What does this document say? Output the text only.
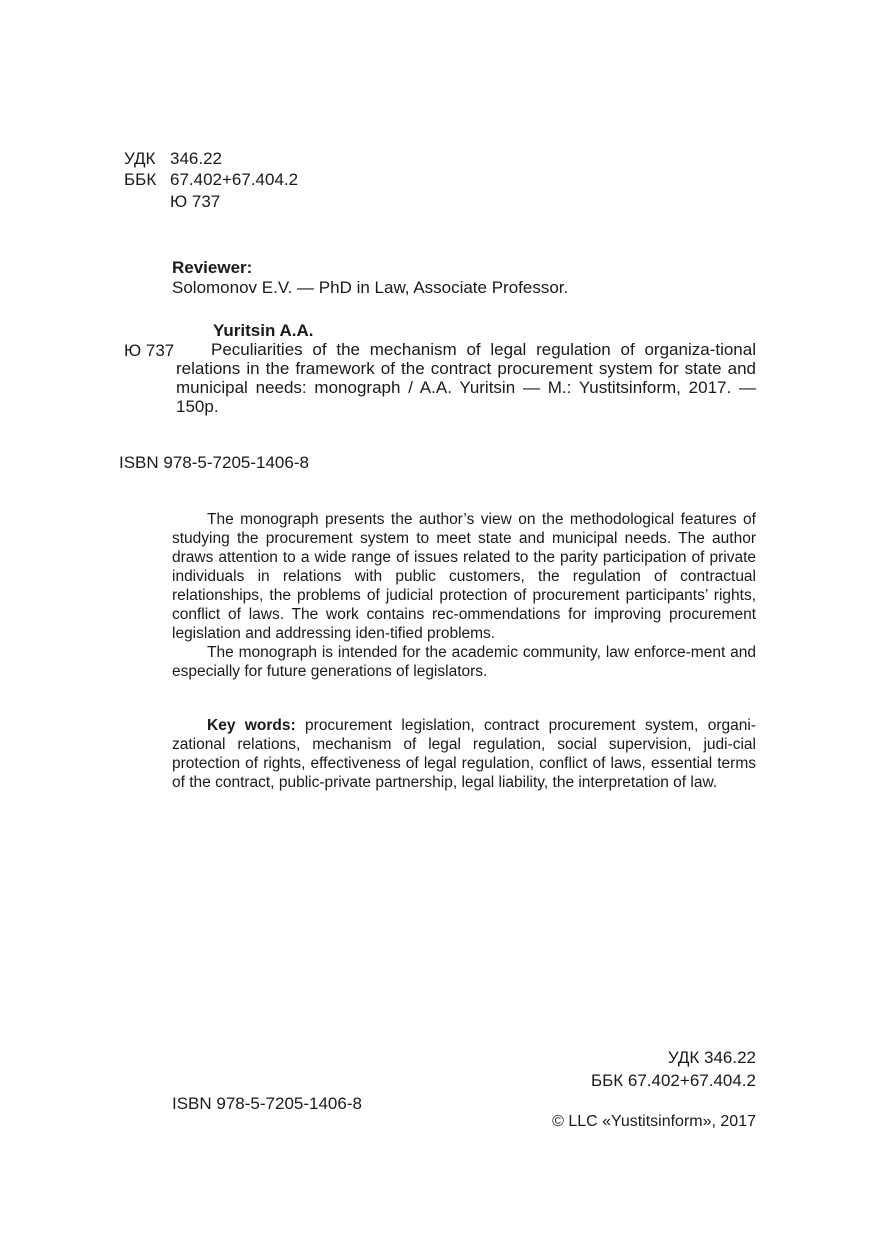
УДК 346.22
ББК 67.402+67.404.2
Ю 737
Reviewer:
Solomonov E.V. — PhD in Law, Associate Professor.
Yuritsin A.A.
Ю 737	Peculiarities of the mechanism of legal regulation of organiza-tional relations in the framework of the contract procurement system for state and municipal needs: monograph / A.A. Yuritsin — M.: Yustitsinform, 2017. — 150p.
ISBN 978-5-7205-1406-8

The monograph presents the author’s view on the methodological features of studying the procurement system to meet state and municipal needs. The author draws attention to a wide range of issues related to the parity participation of private individuals in relations with public customers, the regulation of contractual relationships, the problems of judicial protection of procurement participants’ rights, conflict of laws. The work contains rec-ommendations for improving procurement legislation and addressing iden-tified problems.

The monograph is intended for the academic community, law enforce-ment and especially for future generations of legislators.

Key words: procurement legislation, contract procurement system, organi-zational relations, mechanism of legal regulation, social supervision, judi-cial protection of rights, effectiveness of legal regulation, conflict of laws, essential terms of the contract, public-private partnership, legal liability, the interpretation of law.

УДК 346.22
ББК 67.402+67.404.2
ISBN 978-5-7205-1406-8
© LLC «Yustitsinform», 2017
